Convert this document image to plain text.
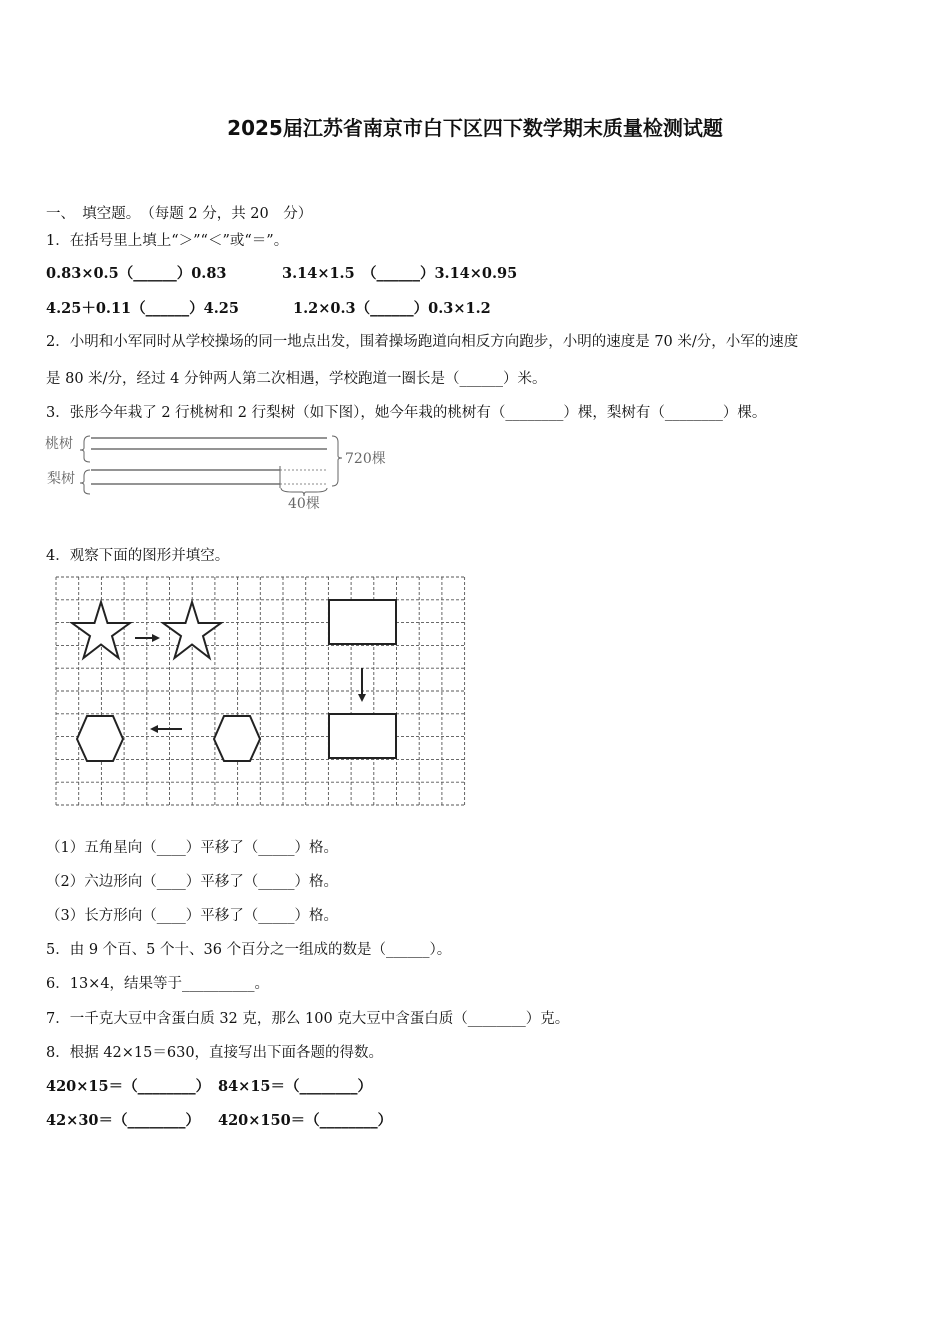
2025届江苏省南京市白下区四下数学期末质量检测试题
一、　填空题。　（每题 2 分，共 20　分）
1．在括号里上填上“＞”“＜”或“＝”。
0.83×0.5（______）0.83	3.14×1.5　（______）3.14×0.95
4.25＋0.11（______）4.25	1.2×0.3（______）0.3×1.2
2．小明和小军同时从学校操场的同一地点出发，围着操场跑道向相反方向跑步，小明的速度是 70 米/分，小军的速度
是 80 米/分，经过 4 分钟两人第二次相遇，学校跑道一圈长是（______）米。
3．张彤今年栽了 2 行桃树和 2 行梨树（如下图），她今年栽的桃树有（________）棵，梨树有（________）棵。
桃树
梨树
720棵
40棵
4．观察下面的图形并填空。
（1）五角星向（____）平移了（_____）格。
（2）六边形向（____）平移了（_____）格。
（3）长方形向（____）平移了（_____）格。
5．由 9 个百、5 个十、36 个百分之一组成的数是（______）。
6．13×4，结果等于__________。
7．一千克大豆中含蛋白质 32 克，那么 100 克大豆中含蛋白质（________）克。
8．根据 42×15＝630，直接写出下面各题的得数。
420×15＝（________） 84×15＝（________）
42×30＝（________） 420×150＝（________）
